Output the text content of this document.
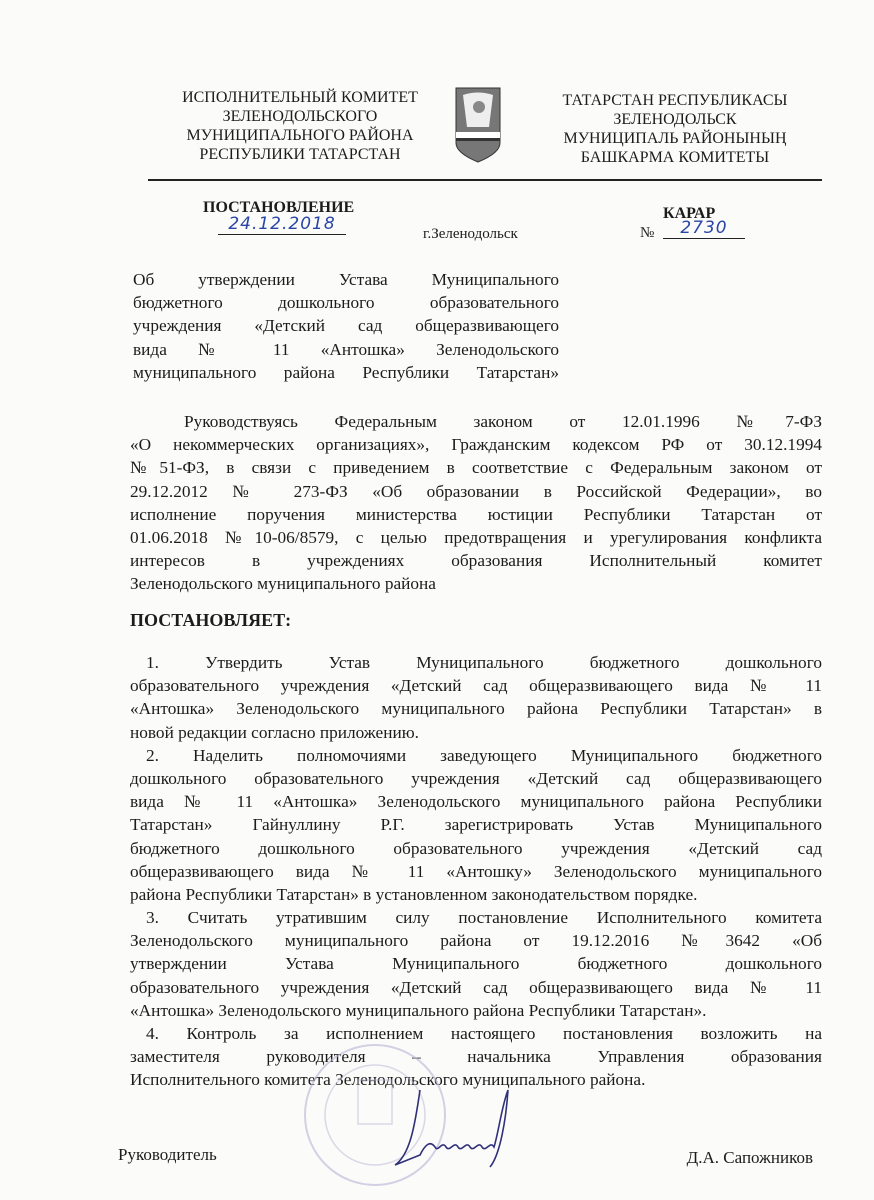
ИСПОЛНИТЕЛЬНЫЙ КОМИТЕТ
ЗЕЛЕНОДОЛЬСКОГО
МУНИЦИПАЛЬНОГО РАЙОНА
РЕСПУБЛИКИ ТАТАРСТАН
ТАТАРСТАН РЕСПУБЛИКАСЫ
ЗЕЛЕНОДОЛЬСК
МУНИЦИПАЛЬ РАЙОНЫНЫҢ
БАШКАРМА КОМИТЕТЫ
ПОСТАНОВЛЕНИЕ
24.12.2018	г.Зеленодольск
КАРАР
№	2730
Об утверждении Устава Муниципального
бюджетного дошкольного образовательного
учреждения «Детский сад общеразвивающего
вида № 11 «Антошка» Зеленодольского
муниципального района Республики Татарстан»
Руководствуясь Федеральным законом от 12.01.1996 №7-ФЗ
«О некоммерческих организациях», Гражданским кодексом РФ от 30.12.1994
№51-ФЗ, в связи с приведением в соответствие с Федеральным законом от
29.12.2012 № 273-ФЗ «Об образовании в Российской Федерации», во
исполнение поручения министерства юстиции Республики Татарстан от
01.06.2018 №10-06/8579, с целью предотвращения и урегулирования конфликта
интересов в учреждениях образования Исполнительный комитет
Зеленодольского муниципального района
ПОСТАНОВЛЯЕТ:
1. Утвердить Устав Муниципального бюджетного дошкольного
образовательного учреждения «Детский сад общеразвивающего вида № 11
«Антошка» Зеленодольского муниципального района Республики Татарстан» в
новой редакции согласно приложению.
2. Наделить полномочиями заведующего Муниципального бюджетного
дошкольного образовательного учреждения «Детский сад общеразвивающего
вида № 11 «Антошка» Зеленодольского муниципального района Республики
Татарстан» Гайнуллину Р.Г. зарегистрировать Устав Муниципального
бюджетного дошкольного образовательного учреждения «Детский сад
общеразвивающего вида № 11 «Антошку» Зеленодольского муниципального
района Республики Татарстан» в установленном законодательством порядке.
3. Считать утратившим силу постановление Исполнительного комитета
Зеленодольского муниципального района от 19.12.2016 №3642 «Об
утверждении Устава Муниципального бюджетного дошкольного
образовательного учреждения «Детский сад общеразвивающего вида № 11
«Антошка» Зеленодольского муниципального района Республики Татарстан».
4. Контроль за исполнением настоящего постановления возложить на
заместителя руководителя – начальника Управления образования
Исполнительного комитета Зеленодольского муниципального района.
Руководитель	Д.А. Сапожников
